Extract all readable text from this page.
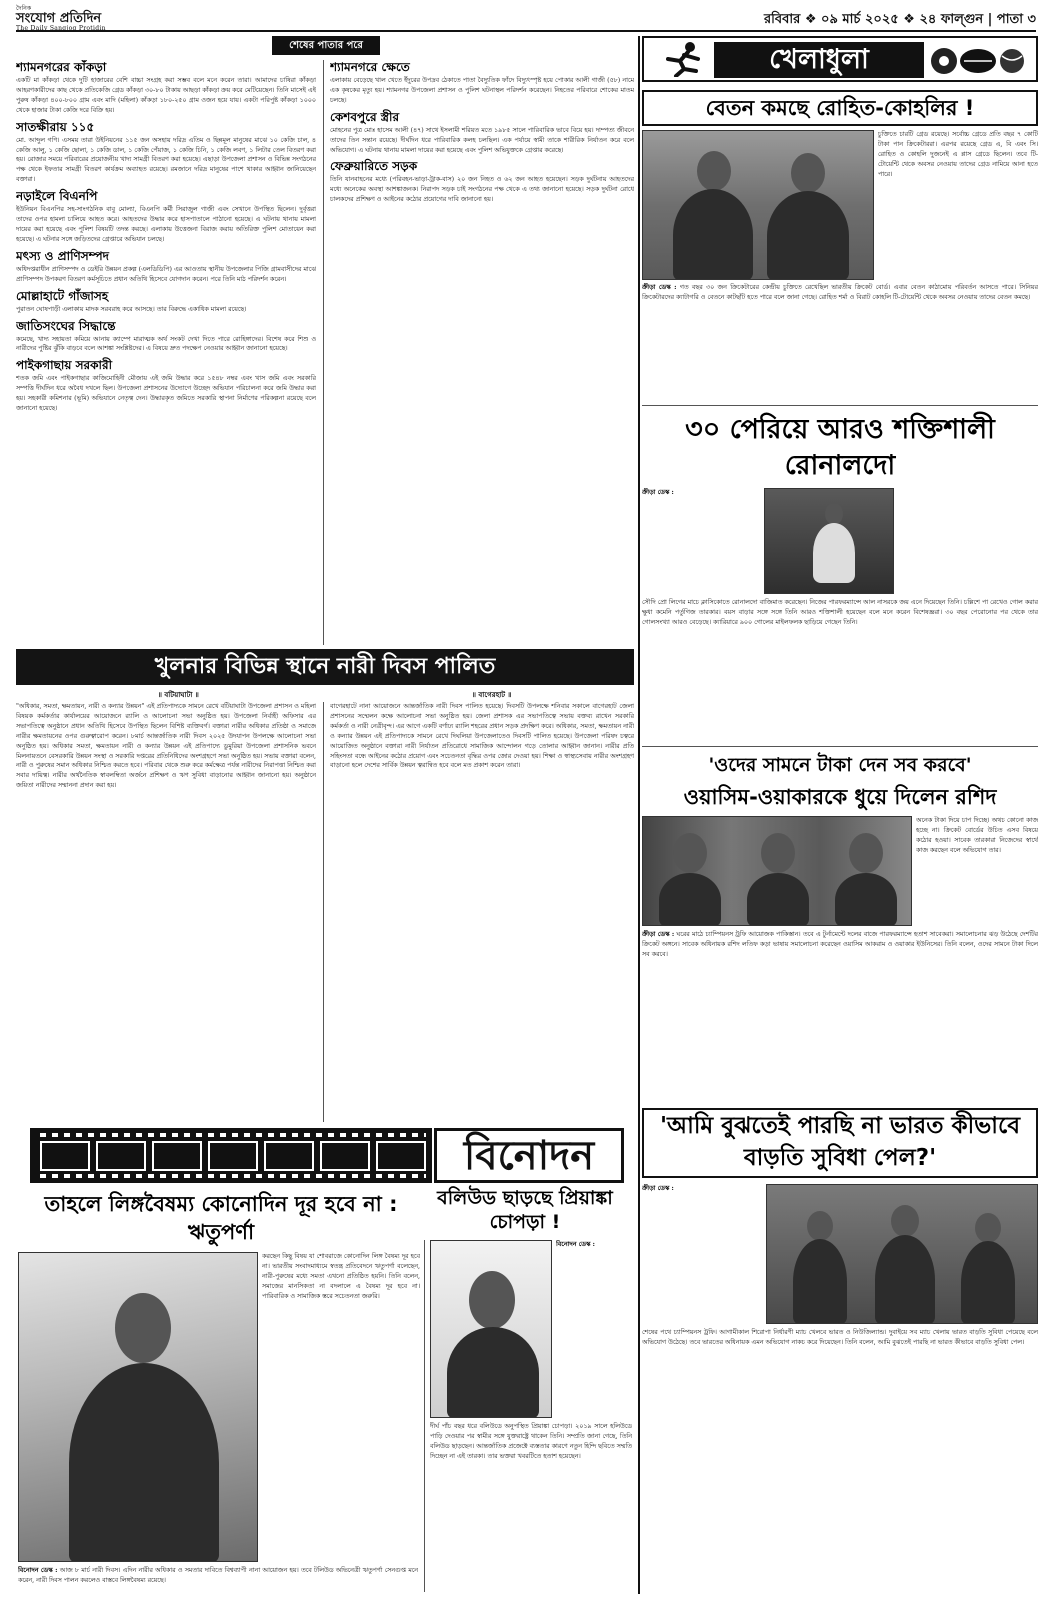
দৈনিক
সংযোগ প্রতিদিন
The Daily Sangjog Protidin
রবিবার ❖ ০৯ মার্চ ২০২৫ ❖ ২৪ ফাল্গুন | পাতা ৩
শেষের পাতার পরে
শ্যামনগরের কাঁকড়া
একটি মা কাঁকড়া থেকে দুটি হাজারের বেশি বাচ্চা সংগ্রহ করা সম্ভব বলে মনে করেন তারা। আমাদের চাষিরা কাঁকড়া আহরণকারীদের কাছ থেকে প্রতিকেজি গ্রেড কাঁকড়া ৩০-৮০ টাকায় আছড়া কাঁকড়া ক্রয় করে মেটিয়েছেন। তিনি মাসেই এই পুরুষ কাঁকড়া ৪০০-৮০০ গ্রাম এবং মাদি (মহিলা) কাঁকড়া ১৮০-২৫০ গ্রাম ওজন হয়ে যায়। একটা পরিপুষ্ট কাঁকড়া ১০০০ থেকে হাজার টাকা কেজি দরে বিক্রি হয়।
সাতক্ষীরায় ১১৫
মো. আব্দুল গণি। এসময় তারা উইনিয়নের ১১৫ জন অসহায় দরিদ্র এতিম ও ছিন্নমূল মানুষের মাঝে ১০ কেজি চাল, ৪ কেজি আলু, ১ কেজি ছোলা, ১ কেজি ডাল, ১ কেজি পেঁয়াজ, ১ কেজি চিনি, ১ কেজি লবণ, ১ লিটার তেল বিতরণ করা হয়। রোজার সময়ে পরিবারের প্রয়োজনীয় খাদ্য সামগ্রী বিতরণ করা হয়েছে। এছাড়া উপজেলা প্রশাসন ও বিভিন্ন সংগঠনের পক্ষ থেকে ইফতার সামগ্রী বিতরণ কার্যক্রম অব্যাহত রয়েছে। রমজানে দরিদ্র মানুষের পাশে থাকার আহ্বান জানিয়েছেন বক্তারা।
নড়াইলে বিএনপি
ইউনিয়ন বিএনপির সহ-সাংগঠনিক বাবু মোল্যা, বিএনপি কর্মী সিরাজুল গাজী এবং সেখানে উপস্থিত ছিলেন। দুর্বৃত্তরা তাদের ওপর হামলা চালিয়ে আহত করে। আহতদের উদ্ধার করে হাসপাতালে পাঠানো হয়েছে। এ ঘটনায় থানায় মামলা দায়ের করা হয়েছে এবং পুলিশ বিষয়টি তদন্ত করছে। এলাকায় উত্তেজনা বিরাজ করায় অতিরিক্ত পুলিশ মোতায়েন করা হয়েছে। এ ঘটনার সঙ্গে জড়িতদের গ্রেপ্তারে অভিযান চলছে।
মৎস্য ও প্রাণিসম্পদ
অধিদপ্তরাধীন প্রাণিসম্পদ ও ডেইরি উন্নয়ন প্রকল্প (এলডিডিপি) এর আওতায় স্থানীয় উপজেলার পিজি গ্রামবাসীদের মাঝে প্রাণিসম্পদ উপকরণ বিতরণ কর্মসূচিতে প্রধান অতিথি হিসেবে যোগদান করেন। পরে তিনি মাঠ পরিদর্শন করেন।
মোল্লাহাটে গাঁজাসহ
পুরাতন ঘোষপাড়ী এলাকায় মাদক সরবরাহ করে আসছে। তার বিরুদ্ধে একাধিক মামলা রয়েছে।
জাতিসংঘের সিদ্ধান্তে
কমেছে, খাদ্য সহায়তা কমিয়ে আনায় ক্যাম্পে মারাত্মক অর্থ সংকট দেখা দিতে পারে রোহিঙ্গাদের। বিশেষ করে শিশু ও নারীদের পুষ্টির ঝুঁকি বাড়বে বলে আশঙ্কা সংশ্লিষ্টদের। এ বিষয়ে দ্রুত পদক্ষেপ নেওয়ার আহ্বান জানানো হয়েছে।
পাইকগাছায় সরকারী
শতক জমি এবং পাইকগাছার কাজিমোহিনী মৌজায় এই জমি উদ্ধার করে ১৫৪৮ নম্বর এবং খাস জমি এবং সরকারি সম্পত্তি দীর্ঘদিন ধরে অবৈধ দখলে ছিল। উপজেলা প্রশাসনের উদ্যোগে উচ্ছেদ অভিযান পরিচালনা করে জমি উদ্ধার করা হয়। সহকারী কমিশনার (ভূমি) অভিযানে নেতৃত্ব দেন। উদ্ধারকৃত জমিতে সরকারি স্থাপনা নির্মাণের পরিকল্পনা রয়েছে বলে জানানো হয়েছে।
শ্যামনগরে ক্ষেতে
এলাকায় বেড়েছে খাল খেতে ইঁদুরের উপদ্রব ঠেকাতে পাতা বৈদ্যুতিক ফাঁদে বিদ্যুৎস্পৃষ্ট হয়ে পোকার আলী গাজী (৫৮) নামে এক কৃষকের মৃত্যু হয়। শ্যামনগর উপজেলা প্রশাসন ও পুলিশ ঘটনাস্থল পরিদর্শন করেছেন। নিহতের পরিবারে শোকের মাতম চলছে।
কেশবপুরে স্ত্রীর
মোহনের পুত্র মোঃ হাসেম আলী (৪৭) সাথে ইসলামী শরিয়ত মতে ১৯৮৫ সালে পারিবারিক ভাবে বিয়ে হয়। দাম্পত্য জীবনে তাদের তিন সন্তান রয়েছে। দীর্ঘদিন ধরে পারিবারিক কলহ চলছিল। এক পর্যায়ে স্বামী তাকে শারীরিক নির্যাতন করে বলে অভিযোগ। এ ঘটনায় থানায় মামলা দায়ের করা হয়েছে এবং পুলিশ অভিযুক্তকে গ্রেপ্তার করেছে।
ফেব্রুয়ারিতে সড়ক
তিনি যানবাহনের মধ্যে (পরিবহন-ভাড়া-ট্রাক-বাস) ২০ জন নিহত ও ৬২ জন আহত হয়েছেন। সড়ক দুর্ঘটনায় আহতদের মধ্যে অনেকের অবস্থা আশঙ্কাজনক। নিরাপদ সড়ক চাই সংগঠনের পক্ষ থেকে এ তথ্য জানানো হয়েছে। সড়ক দুর্ঘটনা রোধে চালকদের প্রশিক্ষণ ও আইনের কঠোর প্রয়োগের দাবি জানানো হয়।
খুলনার বিভিন্ন স্থানে নারী দিবস পালিত
॥ বটিয়াঘাটা ॥	॥ বাগেরহাট ॥
"অধিকার, সমতা, ক্ষমতায়ন, নারী ও কন্যার উন্নয়ন" এই প্রতিপাদ্যকে সামনে রেখে বটিয়াঘাটা উপজেলা প্রশাসন ও মহিলা বিষয়ক কর্মকর্তার কার্যালয়ের আয়োজনে র‍্যালি ও আলোচনা সভা অনুষ্ঠিত হয়। উপজেলা নির্বাহী অফিসার এর সভাপতিত্বে অনুষ্ঠানে প্রধান অতিথি হিসেবে উপস্থিত ছিলেন বিশিষ্ট ব্যক্তিবর্গ। বক্তারা নারীর অধিকার প্রতিষ্ঠা ও সমাজে নারীর ক্ষমতায়নের ওপর গুরুত্বারোপ করেন। ৮মার্চ আন্তর্জাতিক নারী দিবস ২০২৫ উদযাপন উপলক্ষে আলোচনা সভা অনুষ্ঠিত হয়। অধিকার সমতা, ক্ষমতায়ন নারী ও কন্যার উন্নয়ন এই প্রতিপাদ্যে ডুমুরিয়া উপজেলা প্রশাসনিক ভবনে মিলনায়তনে বেসরকারি উন্নয়ন সংস্থা ও সরকারি দপ্তরের প্রতিনিধিদের অংশগ্রহণে সভা অনুষ্ঠিত হয়। সভায় বক্তারা বলেন, নারী ও পুরুষের সমান অধিকার নিশ্চিত করতে হবে। পরিবার থেকে শুরু করে কর্মক্ষেত্র পর্যন্ত নারীদের নিরাপত্তা নিশ্চিত করা সবার দায়িত্ব। নারীর অর্থনৈতিক স্বাবলম্বিতা অর্জনে প্রশিক্ষণ ও ঋণ সুবিধা বাড়ানোর আহ্বান জানানো হয়। অনুষ্ঠানে জয়িতা নারীদের সম্মাননা প্রদান করা হয়।
বাগেরহাটে নানা আয়োজনে আন্তর্জাতিক নারী দিবস পালিত হয়েছে। দিবসটি উপলক্ষে শনিবার সকালে বাগেরহাট জেলা প্রশাসনের সম্মেলন কক্ষে আলোচনা সভা অনুষ্ঠিত হয়। জেলা প্রশাসক এর সভাপতিত্বে সভায় বক্তব্য রাখেন সরকারি কর্মকর্তা ও নারী নেত্রীবৃন্দ। এর আগে একটি বর্ণাঢ্য র‍্যালি শহরের প্রধান সড়ক প্রদক্ষিণ করে। অধিকার, সমতা, ক্ষমতায়ন নারী ও কন্যার উন্নয়ন এই প্রতিপাদ্যকে সামনে রেখে দিঘলিয়া উপজেলাতেও দিবসটি পালিত হয়েছে। উপজেলা পরিষদ চত্বরে আয়োজিত অনুষ্ঠানে বক্তারা নারী নির্যাতন প্রতিরোধে সামাজিক আন্দোলন গড়ে তোলার আহ্বান জানান। নারীর প্রতি সহিংসতা বন্ধে আইনের কঠোর প্রয়োগ এবং সচেতনতা বৃদ্ধির ওপর জোর দেওয়া হয়। শিক্ষা ও স্বাস্থ্যসেবায় নারীর অংশগ্রহণ বাড়ানো হলে দেশের সার্বিক উন্নয়ন ত্বরান্বিত হবে বলে মত প্রকাশ করেন তারা।
বিনোদন
তাহলে লিঙ্গবৈষম্য কোনোদিন দূর হবে না : ঋতুপর্ণা
বলিউড ছাড়ছে প্রিয়াঙ্কা চোপড়া !
করছেন কিছু বিষয় যা শোবরাজে কোনোদিন লিঙ্গ বৈষম্য দূর হবে না। ভারতীয় সংবাদমাধ্যমে স্বতন্ত্র প্রতিবেদনে ঋতুপর্ণা বলেছেন, নারী-পুরুষের মধ্যে সমতা এখনো প্রতিষ্ঠিত হয়নি। তিনি বলেন, সমাজের মানসিকতা না বদলালে এ বৈষম্য দূর হবে না। পারিবারিক ও সামাজিক স্তরে সচেতনতা জরুরি।
বিনোদন ডেস্ক : আজ ৮ মার্চ নারী দিবস। এদিন নারীর অধিকার ও সমতার দাবিতে বিশ্বব্যাপী নানা আয়োজন হয়। তবে টলিউড অভিনেত্রী ঋতুপর্ণা সেনগুপ্ত মনে করেন, নারী দিবস পালন করলেও বাস্তবে লিঙ্গবৈষম্য রয়েছে।
বিনোদন ডেস্ক :
দীর্ঘ পাঁচ বছর ধরে বলিউডে অনুপস্থিত প্রিয়াঙ্কা চোপড়া। ২০১৯ সালে হলিউডে পাড়ি দেওয়ার পর স্বামীর সঙ্গে যুক্তরাষ্ট্রে থাকেন তিনি। সম্প্রতি জানা গেছে, তিনি বলিউড ছাড়ছেন। আন্তর্জাতিক প্রজেক্টে ব্যস্ততার কারণে নতুন হিন্দি ছবিতে সম্মতি দিচ্ছেন না এই তারকা। তার ভক্তরা খবরটিতে হতাশ হয়েছেন।
খেলাধুলা
বেতন কমছে রোহিত-কোহলির !
চুক্তিতে চারটি গ্রেড রয়েছে। সর্বোচ্চ গ্রেডে প্রতি বছর ৭ কোটি টাকা পান ক্রিকেটাররা। এরপর রয়েছে গ্রেড এ, বি এবং সি। রোহিত ও কোহলি দুজনেই এ প্লাস গ্রেডে ছিলেন। তবে টি-টোয়েন্টি থেকে অবসর নেওয়ায় তাদের গ্রেড নামিয়ে আনা হতে পারে।
ক্রীড়া ডেস্ক : গত বছর ৩০ জন ক্রিকেটারের কেন্দ্রীয় চুক্তিতে রেখেছিল ভারতীয় ক্রিকেট বোর্ড। এবার বেতন কাঠামোয় পরিবর্তন আসতে পারে। সিনিয়র ক্রিকেটারদের ক্যাটাগরি ও বেতনে কাটছাঁট হতে পারে বলে জানা গেছে। রোহিত শর্মা ও বিরাট কোহলি টি-টোয়েন্টি থেকে অবসর নেওয়ায় তাদের বেতন কমছে।
৩০ পেরিয়ে আরও শক্তিশালী রোনালদো
ক্রীড়া ডেস্ক :
সৌদি প্রো লিগের মাচে ক্লাসিকোতে রোনালদো বাজিমাত করেছেন। নিজের পারফরম্যান্সে আল নাসরকে জয় এনে দিয়েছেন তিনি। চল্লিশে পা রেখেও গোল করার ক্ষুধা কমেনি পর্তুগিজ তারকার। বয়স বাড়ার সঙ্গে সঙ্গে তিনি আরও শক্তিশালী হয়েছেন বলে মনে করেন বিশেষজ্ঞরা। ৩০ বছর পেরোনোর পর থেকে তার গোলসংখ্যা আরও বেড়েছে। ক্যারিয়ারে ৯০০ গোলের মাইলফলক ছাড়িয়ে গেছেন তিনি।
'ওদের সামনে টাকা দেন সব করবে'
ওয়াসিম-ওয়াকারকে ধুয়ে দিলেন রশিদ
অনেক টাকা দিয়ে চাপ দিচ্ছে। অথচ কোনো কাজ হচ্ছে না। ক্রিকেট বোর্ডের উচিত এসব বিষয়ে কঠোর হওয়া। সাবেক তারকারা নিজেদের স্বার্থে কাজ করছেন বলে অভিযোগ তার।
ক্রীড়া ডেস্ক : ঘরের মাঠে চ্যাম্পিয়নস ট্রফি আয়োজক পাকিস্তান। তবে এ টুর্নামেন্টে দলের বাজে পারফরম্যান্সে হতাশ সাবেকরা। সমালোচনার ঝড় উঠেছে দেশটির ক্রিকেট অঙ্গনে। সাবেক অধিনায়ক রশিদ লতিফ কড়া ভাষায় সমালোচনা করেছেন ওয়াসিম আকরাম ও ওয়াকার ইউনিসের। তিনি বলেন, ওদের সামনে টাকা দিলে সব করবে।
'আমি বুঝতেই পারছি না ভারত কীভাবে বাড়তি সুবিধা পেল?'
ক্রীড়া ডেস্ক :
শেষের পথে চ্যাম্পিয়নস ট্রফি। আগামীকাল শিরোপা নির্ধারণী ম্যাচ খেলবে ভারত ও নিউজিল্যান্ড। দুবাইয়ে সব ম্যাচ খেলায় ভারত বাড়তি সুবিধা পেয়েছে বলে অভিযোগ উঠেছে। তবে ভারতের অধিনায়ক এমন অভিযোগ নাকচ করে দিয়েছেন। তিনি বলেন, আমি বুঝতেই পারছি না ভারত কীভাবে বাড়তি সুবিধা পেল।
